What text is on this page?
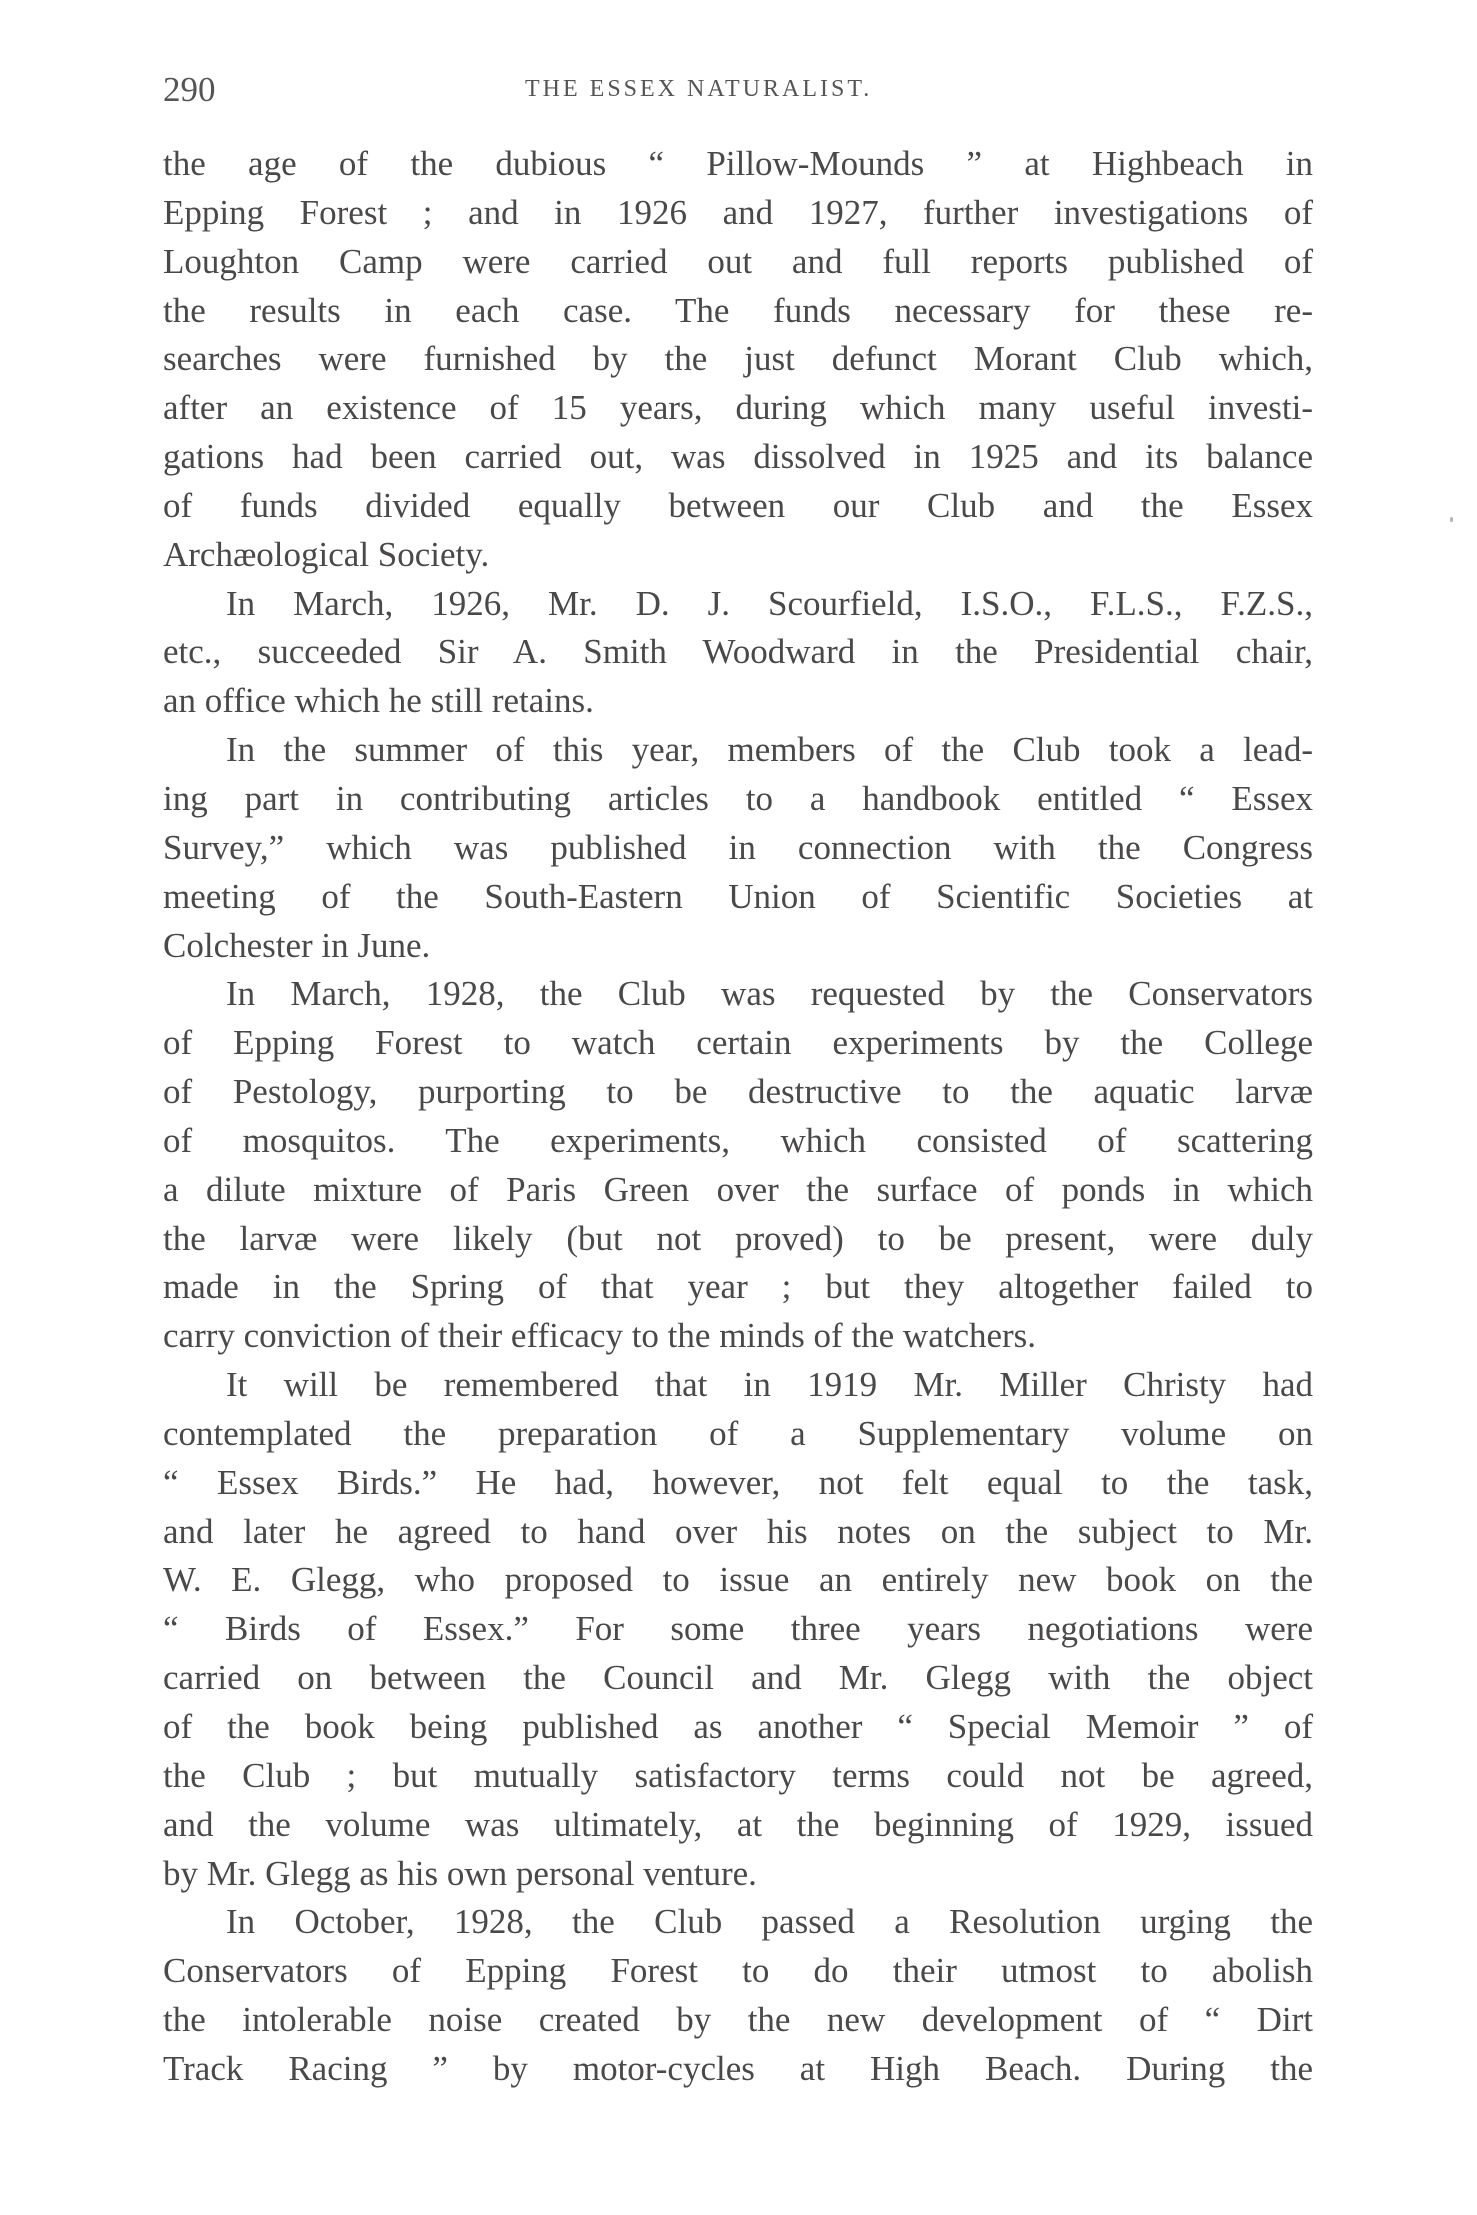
290	THE ESSEX NATURALIST.

the age of the dubious “ Pillow-Mounds ” at Highbeach in

Epping Forest ; and in 1926 and 1927, further investigations of

Loughton Camp were carried out and full reports published of

the results in each case. The funds necessary for these re-

searches were furnished by the just defunct Morant Club which,

after an existence of 15 years, during which many useful investi-

gations had been carried out, was dissolved in 1925 and its balance

of funds divided equally between our Club and the Essex

Archæological Society.

In March, 1926, Mr. D. J. Scourfield, I.S.O., F.L.S., F.Z.S.,

etc., succeeded Sir A. Smith Woodward in the Presidential chair,

an office which he still retains.

In the summer of this year, members of the Club took a lead-

ing part in contributing articles to a handbook entitled “ Essex

Survey,” which was published in connection with the Congress

meeting of the South-Eastern Union of Scientific Societies at

Colchester in June.

In March, 1928, the Club was requested by the Conservators

of Epping Forest to watch certain experiments by the College

of Pestology, purporting to be destructive to the aquatic larvæ

of mosquitos. The experiments, which consisted of scattering

a dilute mixture of Paris Green over the surface of ponds in which

the larvæ were likely (but not proved) to be present, were duly

made in the Spring of that year ; but they altogether failed to

carry conviction of their efficacy to the minds of the watchers.

It will be remembered that in 1919 Mr. Miller Christy had

contemplated the preparation of a Supplementary volume on

“ Essex Birds.” He had, however, not felt equal to the task,

and later he agreed to hand over his notes on the subject to Mr.

W. E. Glegg, who proposed to issue an entirely new book on the

“ Birds of Essex.” For some three years negotiations were

carried on between the Council and Mr. Glegg with the object

of the book being published as another “ Special Memoir ” of

the Club ; but mutually satisfactory terms could not be agreed,

and the volume was ultimately, at the beginning of 1929, issued

by Mr. Glegg as his own personal venture.

In October, 1928, the Club passed a Resolution urging the

Conservators of Epping Forest to do their utmost to abolish

the intolerable noise created by the new development of “ Dirt

Track Racing ” by motor-cycles at High Beach. During the
